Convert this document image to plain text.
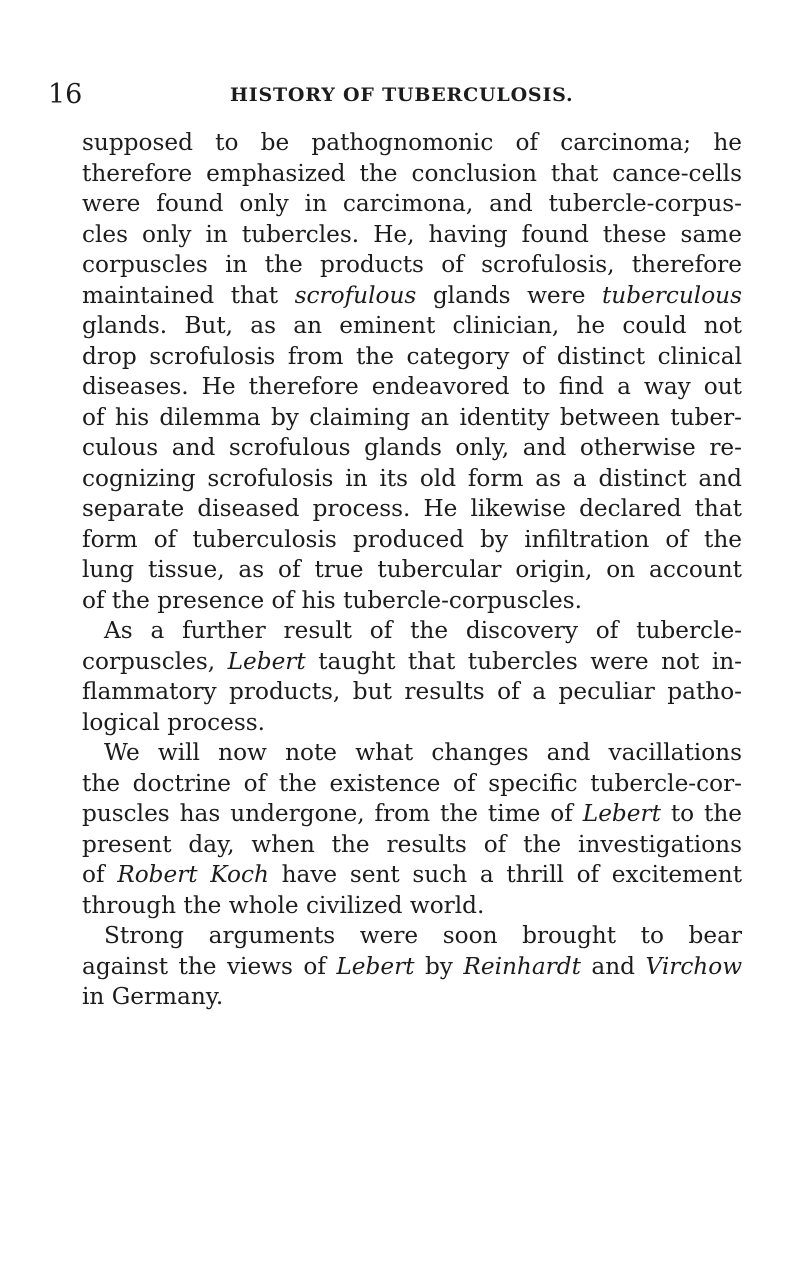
16	HISTORY OF TUBERCULOSIS.
supposed to be pathognomonic of carcinoma; he
therefore emphasized the conclusion that cance-cells
were found only in carcimona, and tubercle-corpus-
cles only in tubercles. He, having found these same
corpuscles in the products of scrofulosis, therefore
maintained that scrofulous glands were tuberculous
glands. But, as an eminent clinician, he could not
drop scrofulosis from the category of distinct clinical
diseases. He therefore endeavored to find a way out
of his dilemma by claiming an identity between tuber-
culous and scrofulous glands only, and otherwise re-
cognizing scrofulosis in its old form as a distinct and
separate diseased process. He likewise declared that
form of tuberculosis produced by infiltration of the
lung tissue, as of true tubercular origin, on account
of the presence of his tubercle-corpuscles.
As a further result of the discovery of tubercle-
corpuscles, Lebert taught that tubercles were not in-
flammatory products, but results of a peculiar patho-
logical process.
We will now note what changes and vacillations
the doctrine of the existence of specific tubercle-cor-
puscles has undergone, from the time of Lebert to the
present day, when the results of the investigations
of Robert Koch have sent such a thrill of excitement
through the whole civilized world.
Strong arguments were soon brought to bear
against the views of Lebert by Reinhardt and Virchow
in Germany.
